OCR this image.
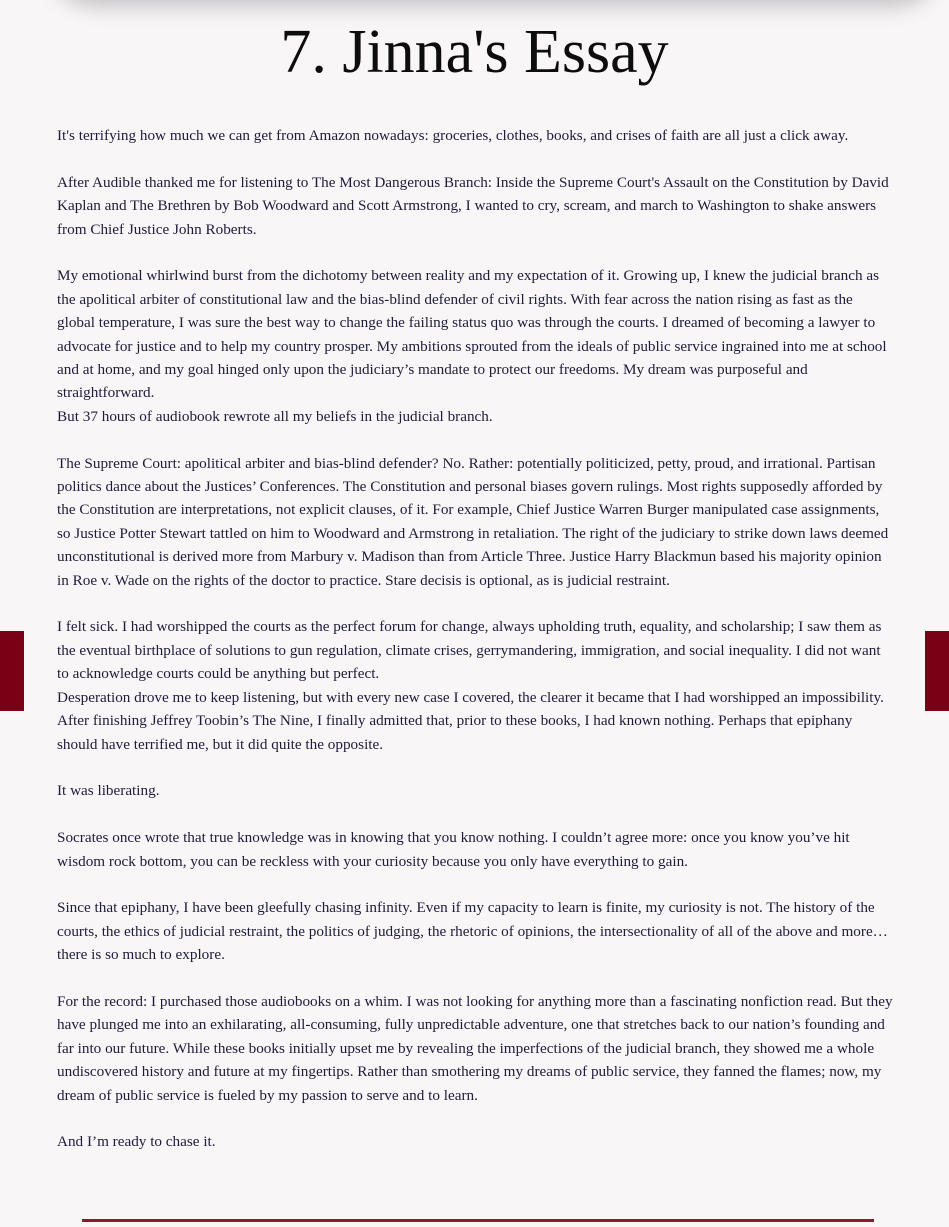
7. Jinna's Essay

It's terrifying how much we can get from Amazon nowadays: groceries, clothes, books, and crises of faith are all just a click away.

After Audible thanked me for listening to The Most Dangerous Branch: Inside the Supreme Court's Assault on the Constitution by David Kaplan and The Brethren by Bob Woodward and Scott Armstrong, I wanted to cry, scream, and march to Washington to shake answers from Chief Justice John Roberts.

My emotional whirlwind burst from the dichotomy between reality and my expectation of it. Growing up, I knew the judicial branch as the apolitical arbiter of constitutional law and the bias-blind defender of civil rights. With fear across the nation rising as fast as the global temperature, I was sure the best way to change the failing status quo was through the courts. I dreamed of becoming a lawyer to advocate for justice and to help my country prosper. My ambitions sprouted from the ideals of public service ingrained into me at school and at home, and my goal hinged only upon the judiciary’s mandate to protect our freedoms. My dream was purposeful and straightforward.

But 37 hours of audiobook rewrote all my beliefs in the judicial branch.

The Supreme Court: apolitical arbiter and bias-blind defender? No. Rather: potentially politicized, petty, proud, and irrational. Partisan politics dance about the Justices’ Conferences. The Constitution and personal biases govern rulings. Most rights supposedly afforded by the Constitution are interpretations, not explicit clauses, of it. For example, Chief Justice Warren Burger manipulated case assignments, so Justice Potter Stewart tattled on him to Woodward and Armstrong in retaliation. The right of the judiciary to strike down laws deemed unconstitutional is derived more from Marbury v. Madison than from Article Three. Justice Harry Blackmun based his majority opinion in Roe v. Wade on the rights of the doctor to practice. Stare decisis is optional, as is judicial restraint.

I felt sick. I had worshipped the courts as the perfect forum for change, always upholding truth, equality, and scholarship; I saw them as the eventual birthplace of solutions to gun regulation, climate crises, gerrymandering, immigration, and social inequality. I did not want to acknowledge courts could be anything but perfect.

Desperation drove me to keep listening, but with every new case I covered, the clearer it became that I had worshipped an impossibility. After finishing Jeffrey Toobin’s The Nine, I finally admitted that, prior to these books, I had known nothing. Perhaps that epiphany should have terrified me, but it did quite the opposite.

It was liberating.

Socrates once wrote that true knowledge was in knowing that you know nothing. I couldn’t agree more: once you know you’ve hit wisdom rock bottom, you can be reckless with your curiosity because you only have everything to gain.

Since that epiphany, I have been gleefully chasing infinity. Even if my capacity to learn is finite, my curiosity is not. The history of the courts, the ethics of judicial restraint, the politics of judging, the rhetoric of opinions, the intersectionality of all of the above and more… there is so much to explore.

For the record: I purchased those audiobooks on a whim. I was not looking for anything more than a fascinating nonfiction read. But they have plunged me into an exhilarating, all-consuming, fully unpredictable adventure, one that stretches back to our nation’s founding and far into our future. While these books initially upset me by revealing the imperfections of the judicial branch, they showed me a whole undiscovered history and future at my fingertips. Rather than smothering my dreams of public service, they fanned the flames; now, my dream of public service is fueled by my passion to serve and to learn.

And I’m ready to chase it.
